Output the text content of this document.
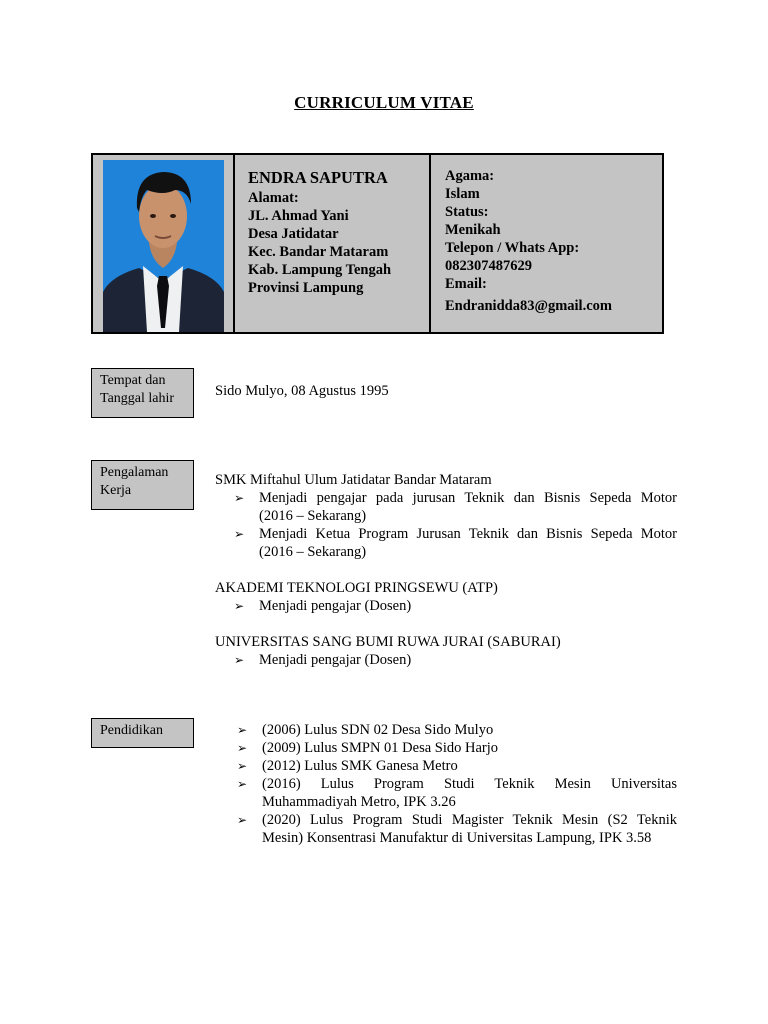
CURRICULUM VITAE
ENDRA SAPUTRA
Alamat:
JL. Ahmad Yani
Desa Jatidatar
Kec. Bandar Mataram
Kab. Lampung Tengah
Provinsi Lampung
Agama:
Islam
Status:
Menikah
Telepon / Whats App:
082307487629
Email:
Endranidda83@gmail.com
Tempat dan Tanggal lahir	Sido Mulyo, 08 Agustus 1995
Pengalaman Kerja
SMK Miftahul Ulum Jatidatar Bandar Mataram
➢	Menjadi pengajar pada jurusan Teknik dan Bisnis Sepeda Motor
(2016 – Sekarang)
➢	Menjadi Ketua Program Jurusan Teknik dan Bisnis Sepeda Motor
(2016 – Sekarang)
AKADEMI TEKNOLOGI PRINGSEWU (ATP)
➢	Menjadi pengajar (Dosen)
UNIVERSITAS SANG BUMI RUWA JURAI (SABURAI)
➢	Menjadi pengajar (Dosen)
Pendidikan	➢	(2006) Lulus SDN 02 Desa Sido Mulyo
➢	(2009) Lulus SMPN 01 Desa Sido Harjo
➢	(2012) Lulus SMK Ganesa Metro
➢	(2016) Lulus Program Studi Teknik Mesin Universitas
Muhammadiyah Metro, IPK 3.26
➢	(2020) Lulus Program Studi Magister Teknik Mesin (S2 Teknik
Mesin) Konsentrasi Manufaktur di Universitas Lampung, IPK 3.58
